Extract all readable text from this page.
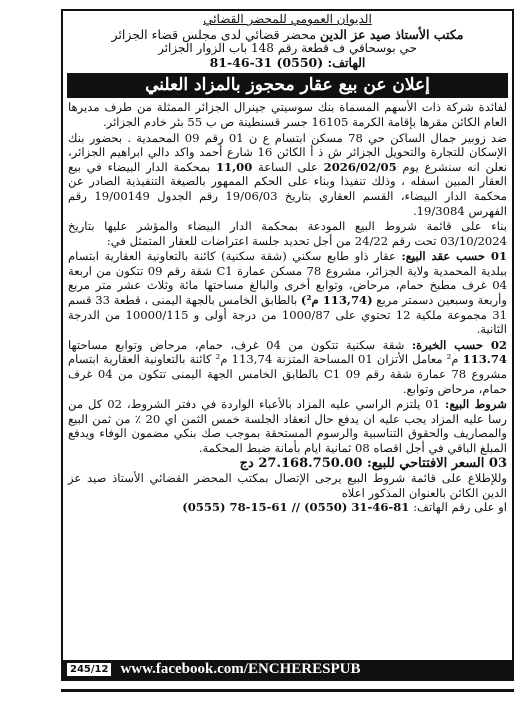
الديوان العمومي للمحضر القضائي
مكتب الأستاذ صيد عز الدين محضر قضائي لدى مجلس قضاء الجزائر
حي بوسحاقي ف قطعة رقم 148 باب الزوار الجزائر
الهاتف: 81-46-31 (0550)
إعلان عن بيع عقار محجوز بالمزاد العلني

لفائدة شركة ذات الأسهم المسماة بنك سوسيتي جينرال الجزائر الممثلة من طرف مديرها العام الكائن مقرها بإقامة الكرمة 16105 جسر قسنطينة ص ب 55 بئر خادم الجزائر.

ضد زوبير جمال الساكن حي 78 مسكن ابتسام ع ن 01 رقم 09 المحمدية . بحضور بنك الإسكان للتجارة والتحويل الجزائر ش ذ أ الكائن 16 شارع أحمد واكد دالي ابراهيم الجزائر، نعلن انه سنشرع يوم 2026/02/05 على الساعة 11,00 بمحكمة الدار البيضاء في بيع العقار المبين اسفله ، وذلك تنفيذا وبناء على الحكم الممهور بالصيغة التنفيذية الصادر عن محكمة الدار البيضاء، القسم العقاري بتاريخ 19/06/03 رقم الجدول 19/00149 رقم الفهرس 19/3084.

بناء على قائمة شروط البيع المودعة بمحكمة الدار البيضاء والمؤشر عليها بتاريخ 03/10/2024 تحت رقم 24/22 من أجل تحديد جلسة اعتراضات للعقار المتمثل في:

01 حسب عقد البيع: عقار ذاو طابع سكني (شقة سكنية) كائنة بالتعاونية العقارية ابتسام ببلدية المحمدية ولاية الجزائر، مشروع 78 مسكن عمارة C1 شقة رقم 09 تتكون من اربعة 04 غرف مطبخ حمام، مرحاض، وتوابع أخرى والبالغ مساحتها مائة وثلاث عشر متر مربع وأربعة وسبعين دسمتر مربع (113,74 م²) بالطابق الخامس بالجهة اليمنى ، قطعة 33 قسم 31 مجموعة ملكية 12 تحتوي على 1000/87 من درجة أولى و 10000/115 من الدرجة الثانية.

02 حسب الخبرة: شقة سكنية تتكون من 04 غرف، حمام، مرحاض وتوابع مساحتها 113.74 م² معامل الأتزان 01 المساحة المتزنة 113,74 م² كائنة بالتعاونية العقارية ابتسام مشروع 78 عمارة شقة رقم 09 C1 بالطابق الخامس الجهة اليمنى تتكون من 04 غرف حمام، مرحاض وتوابع.

شروط البيع: 01 يلتزم الراسي عليه المزاد بالأعباء الواردة في دفتر الشروط، 02 كل من رسا عليه المزاد يجب عليه ان يدفع حال انعقاد الجلسة خمس الثمن اي 20 ٪ من ثمن البيع والمصاريف والحقوق التناسبية والرسوم المستحقة بموجب صك بنكي مضمون الوفاء ويدفع المبلغ الباقي في أجل اقصاه 08 ثمانية ايام بأمانة ضبط المحكمة.

03 السعر الافتتاحي للبيع: 27.168.750.00 دج

وللإطلاع على قائمة شروط البيع يرجى الإتصال بمكتب المحضر القضائي الأستاذ صيد عز الدين الكائن بالعنوان المذكور اعلاه

او على رقم الهاتف: (0555) 78-15-61 // (0550) 31-46-81

245/12 www.facebook.com/ENCHERESPUB
